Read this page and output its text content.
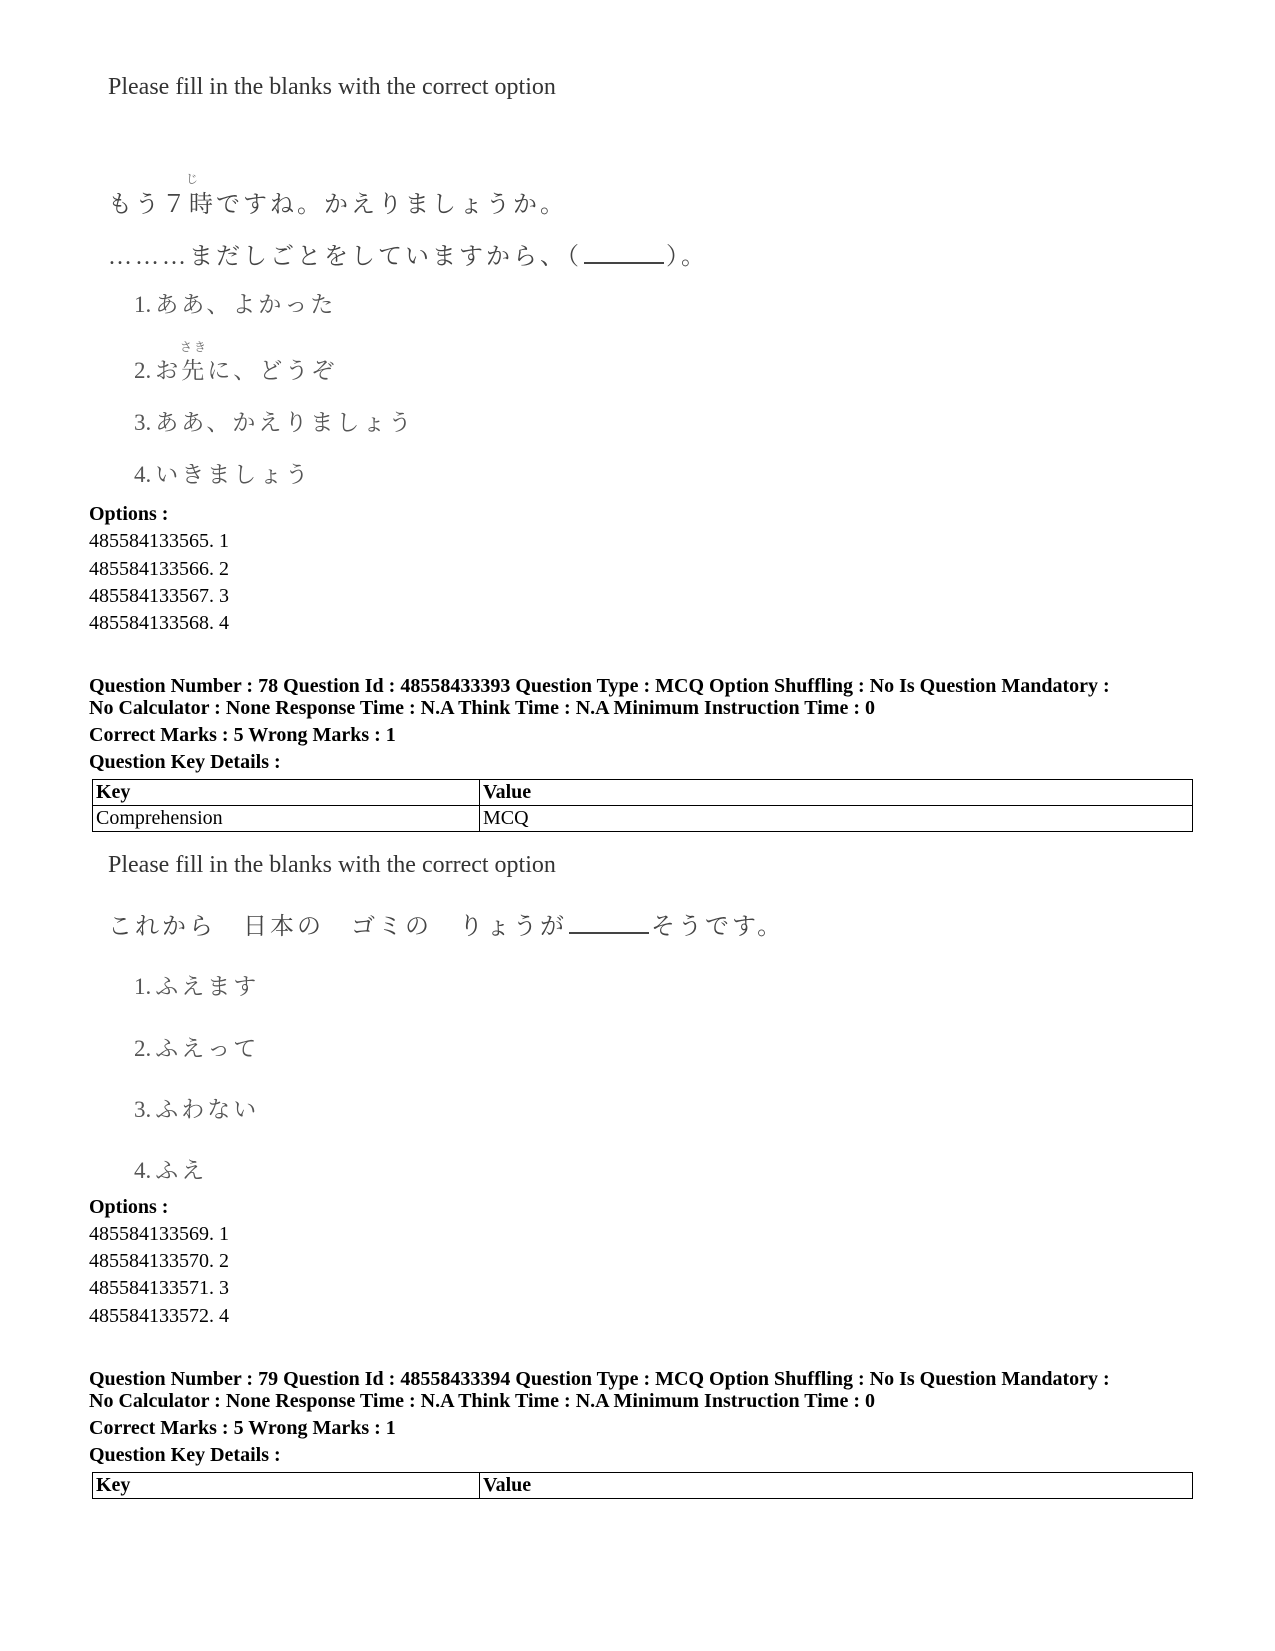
Please fill in the blanks with the correct option
じ
もう７時ですね。かえりましょうか。
………まだしごとをしていますから、（	）。
1. ああ、よかった
さき
2. お先に、どうぞ
3. ああ、かえりましょう
4. いきましょう
Options :
485584133565. 1
485584133566. 2
485584133567. 3
485584133568. 4
Question Number : 78 Question Id : 48558433393 Question Type : MCQ Option Shuffling : No Is Question Mandatory :
No Calculator : None Response Time : N.A Think Time : N.A Minimum Instruction Time : 0
Correct Marks : 5 Wrong Marks : 1
Question Key Details :
Key	Value
Comprehension	MCQ
Please fill in the blanks with the correct option
これから　日本の　ゴミの　りょうが	そうです。
1. ふえます
2. ふえって
3. ふわない
4. ふえ
Options :
485584133569. 1
485584133570. 2
485584133571. 3
485584133572. 4
Question Number : 79 Question Id : 48558433394 Question Type : MCQ Option Shuffling : No Is Question Mandatory :
No Calculator : None Response Time : N.A Think Time : N.A Minimum Instruction Time : 0
Correct Marks : 5 Wrong Marks : 1
Question Key Details :
Key	Value
